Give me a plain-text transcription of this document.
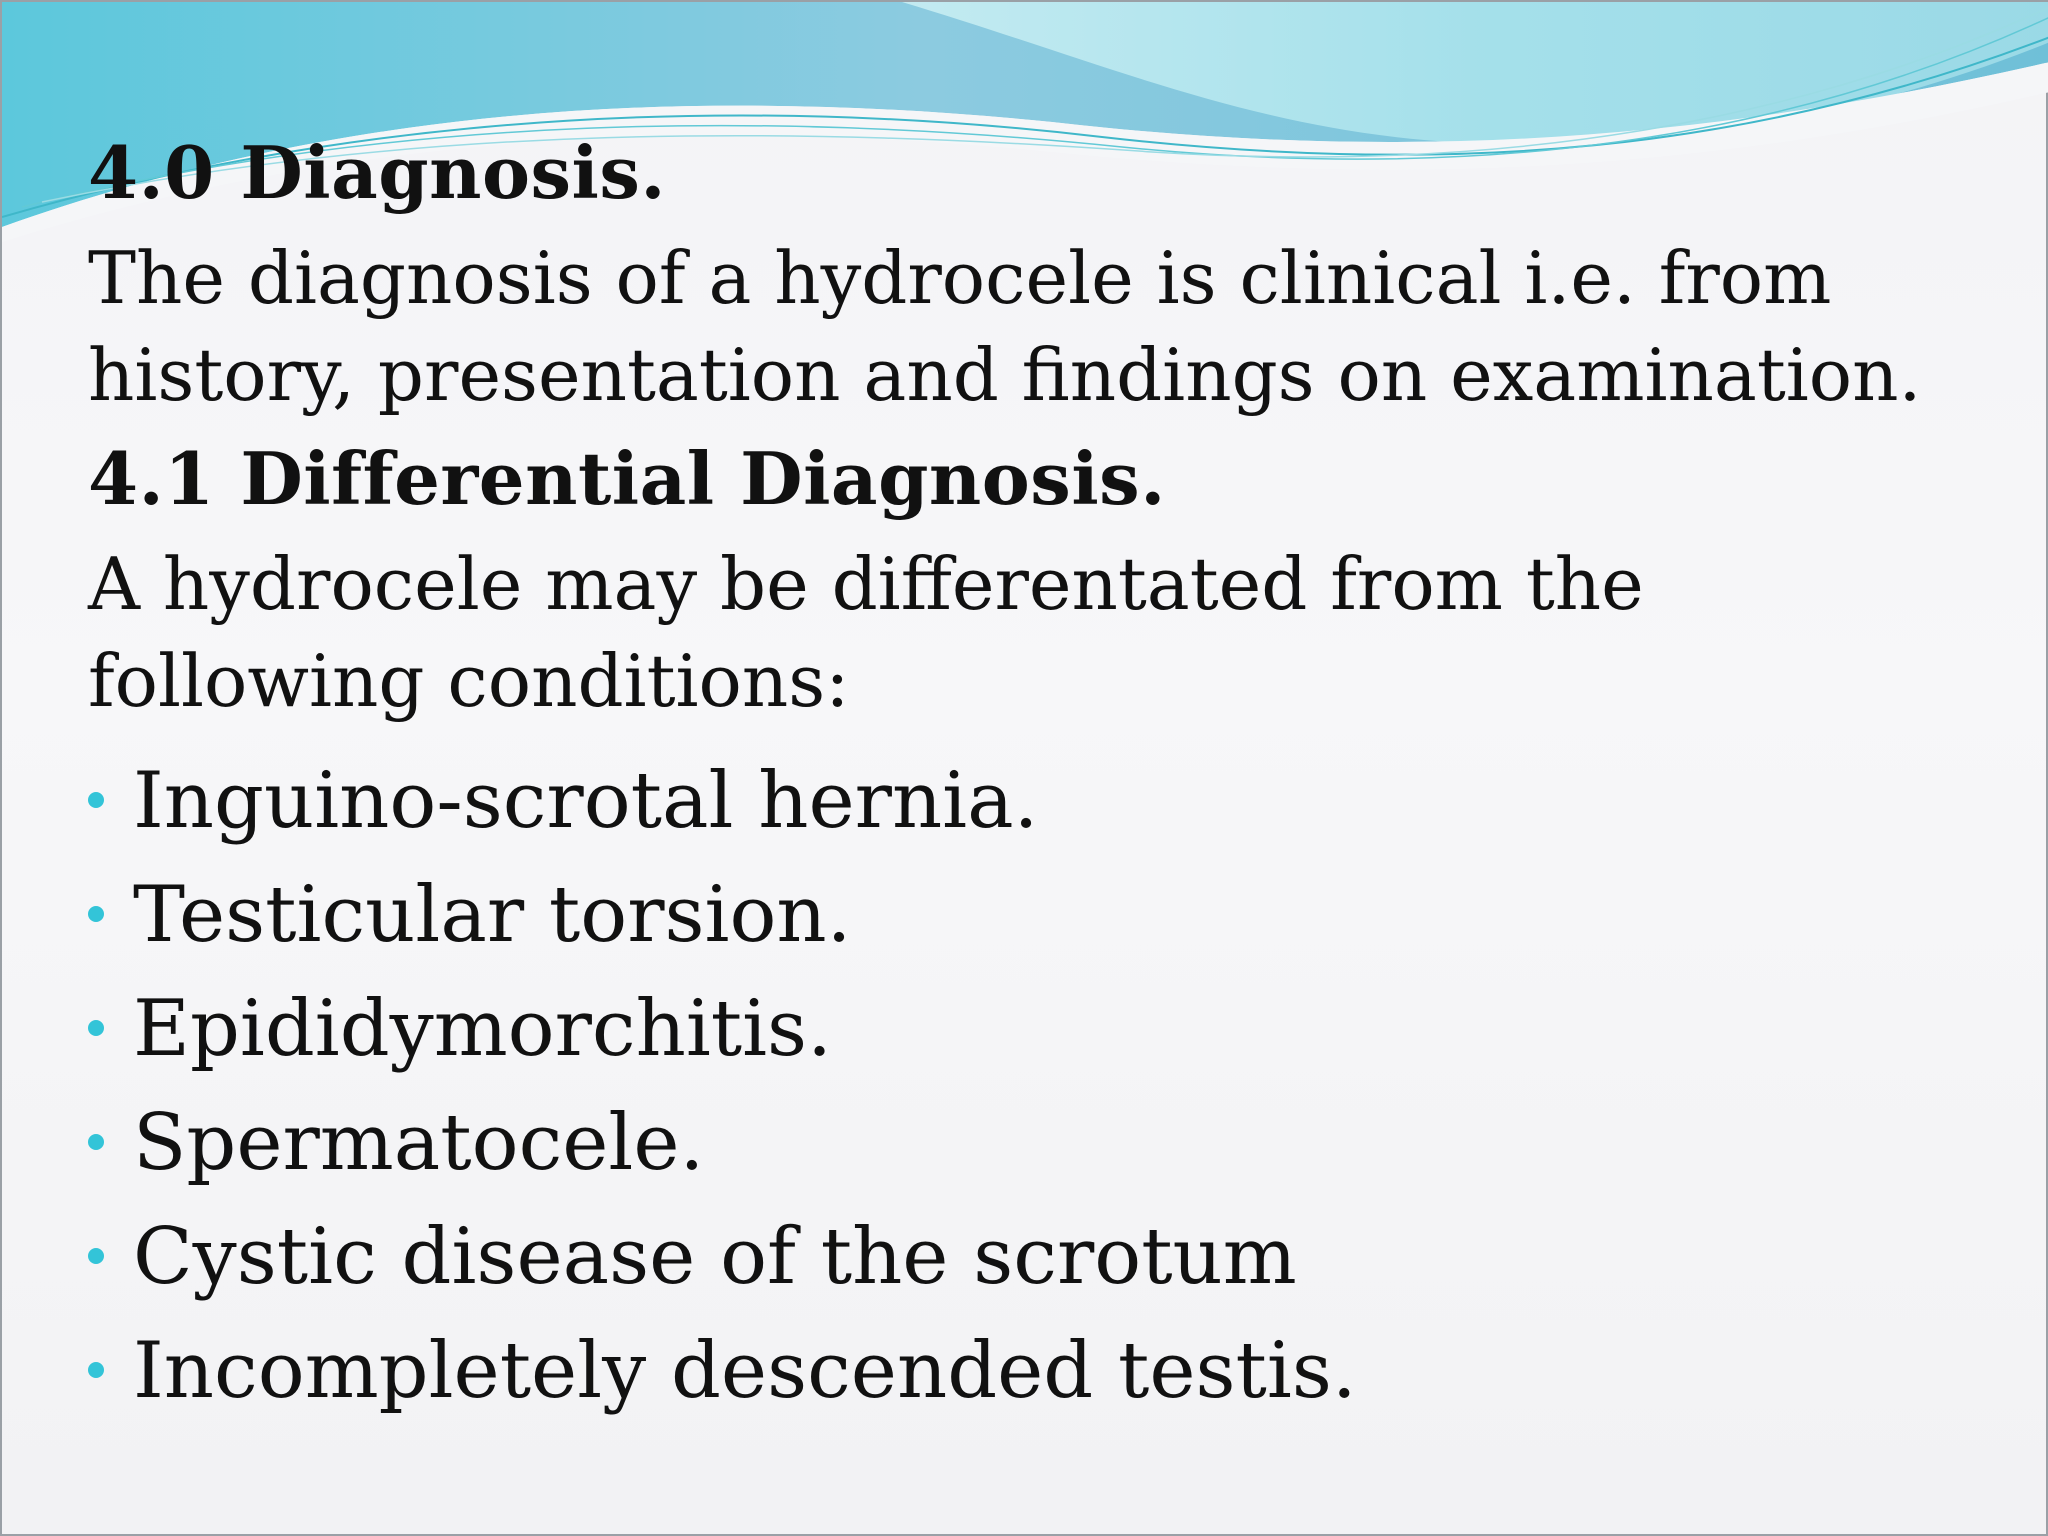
4.0 Diagnosis.

The diagnosis of a hydrocele is clinical i.e. from history, presentation and findings on examination.

4.1 Differential Diagnosis.

A hydrocele may be differentated from the following conditions:

Inguino-scrotal hernia.
Testicular torsion.
Epididymorchitis.
Spermatocele.
Cystic disease of the scrotum
Incompletely descended testis.
